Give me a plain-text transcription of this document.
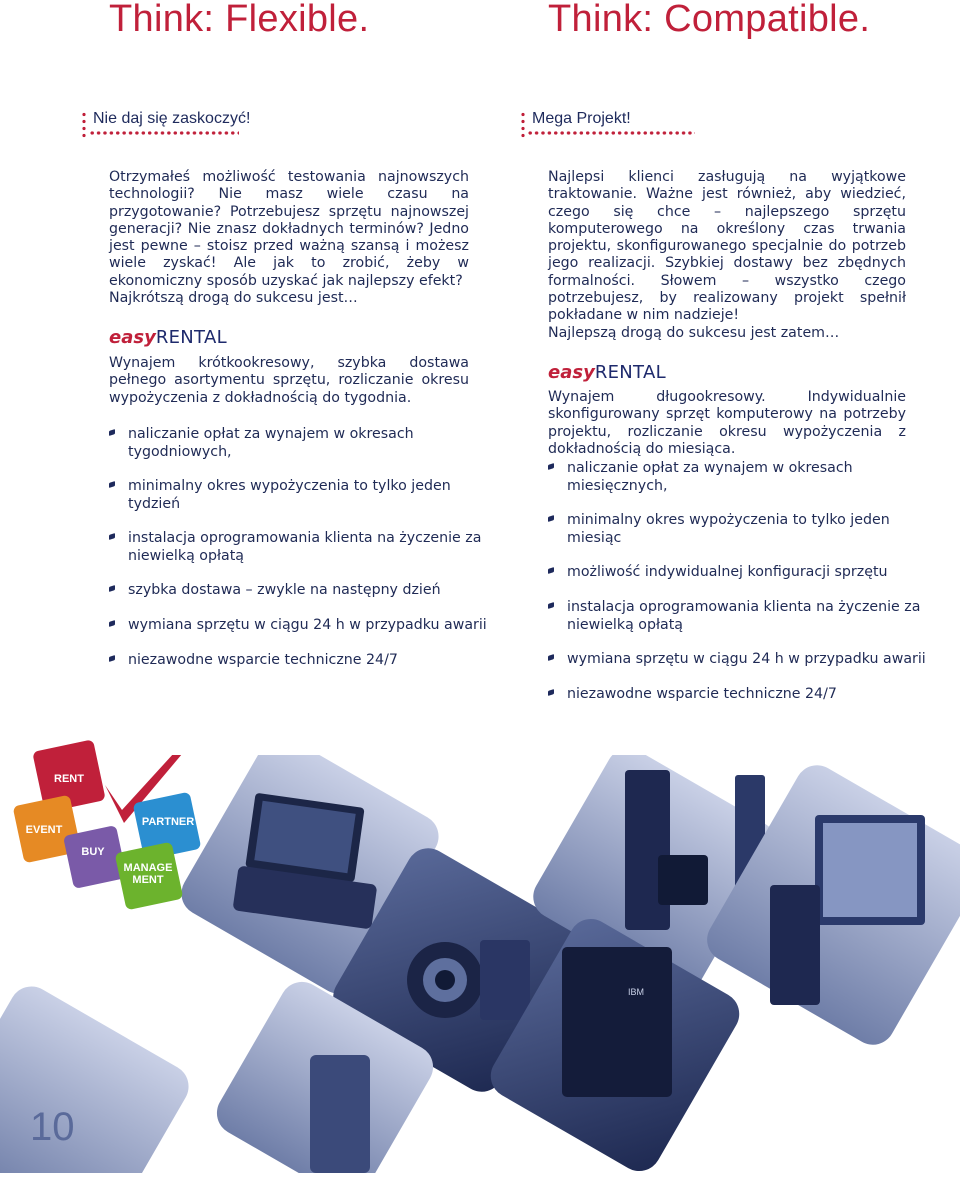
Think: Flexible.
Nie daj się zaskoczyć!

Otrzymałeś możliwość testowania najnowszych technologii? Nie masz wiele czasu na przygotowanie? Potrzebujesz sprzętu najnowszej generacji? Nie znasz dokładnych terminów? Jedno jest pewne – stoisz przed ważną szansą i możesz wiele zyskać! Ale jak to zrobić, żeby w ekonomiczny sposób uzyskać jak najlepszy efekt?

Najkrótszą drogą do sukcesu jest…
easyRENTAL

Wynajem krótkookresowy, szybka dostawa pełnego asortymentu sprzętu, rozliczanie okresu wypożyczenia z dokładnością do tygodnia.

naliczanie opłat za wynajem w okresach tygodniowych,
minimalny okres wypożyczenia to tylko jeden tydzień
instalacja oprogramowania klienta na życzenie za niewielką opłatą
szybka dostawa – zwykle na następny dzień
wymiana sprzętu w ciągu 24 h w przypadku awarii
niezawodne wsparcie techniczne 24/7
Think: Compatible.
Mega Projekt!

Najlepsi klienci zasługują na wyjątkowe traktowanie. Ważne jest również, aby wiedzieć, czego się chce – najlepszego sprzętu komputerowego na określony czas trwania projektu, skonfigurowanego specjalnie do potrzeb jego realizacji. Szybkiej dostawy bez zbędnych formalności. Słowem – wszystko czego potrzebujesz, by realizowany projekt spełnił pokładane w nim nadzieje!

Najlepszą drogą do sukcesu jest zatem…
easyRENTAL

Wynajem długookresowy. Indywidualnie skonfigurowany sprzęt komputerowy na potrzeby projektu, rozliczanie okresu wypożyczenia z dokładnością do miesiąca.

naliczanie opłat za wynajem w okresach miesięcznych,
minimalny okres wypożyczenia to tylko jeden miesiąc
możliwość indywidualnej konfiguracji sprzętu
instalacja oprogramowania klienta na życzenie za niewielką opłatą
wymiana sprzętu w ciągu 24 h w przypadku awarii
niezawodne wsparcie techniczne 24/7
IBM
10
RENT
EVENT
PARTNER
BUY
MANAGE
MENT
